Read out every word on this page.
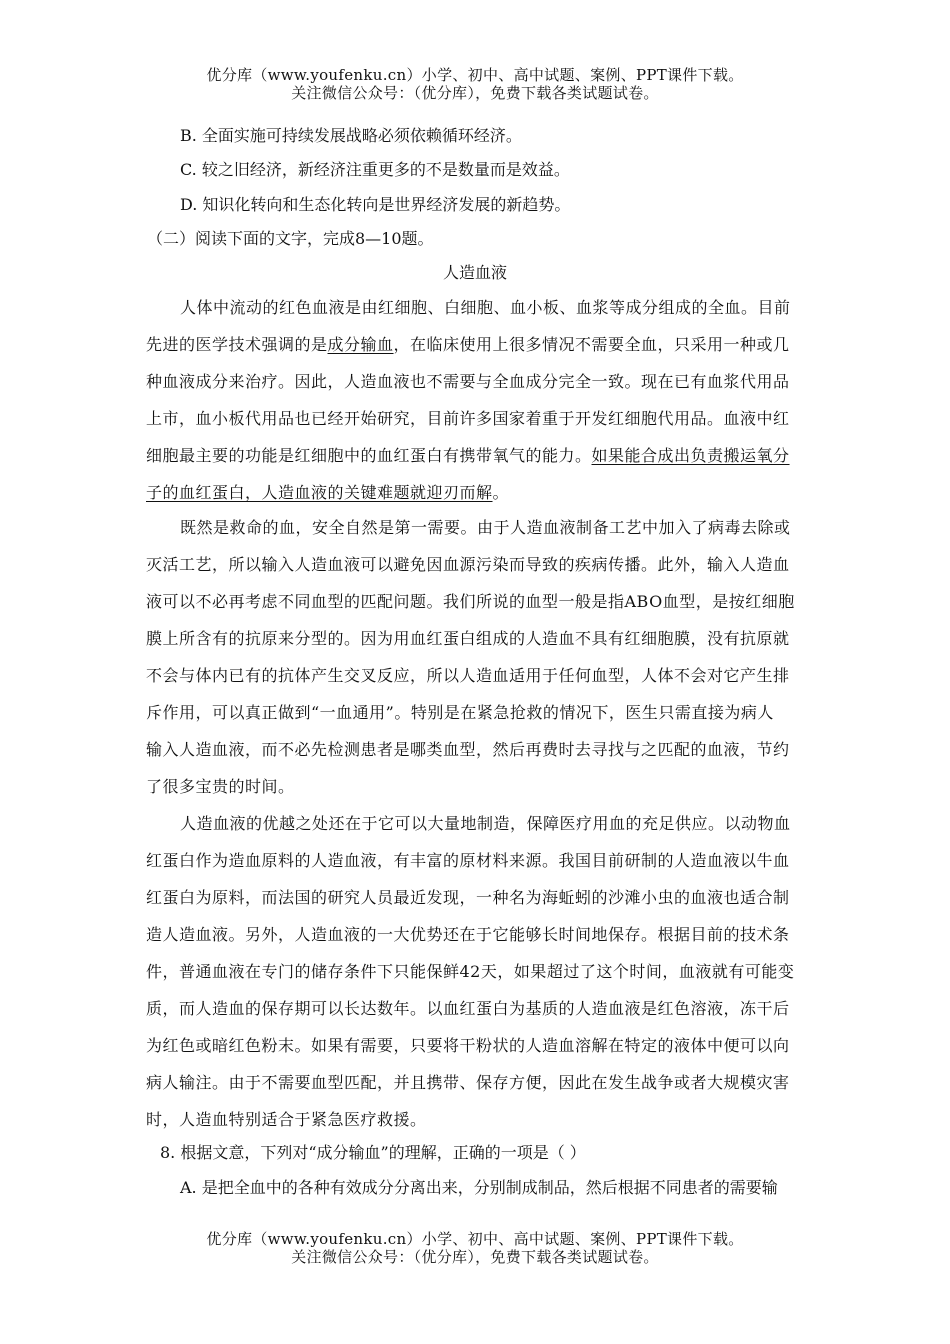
优分库（www.youfenku.cn）小学、初中、高中试题、案例、PPT课件下载。
关注微信公众号：（优分库），免费下载各类试题试卷。
B. 全面实施可持续发展战略必须依赖循环经济。
C. 较之旧经济，新经济注重更多的不是数量而是效益。
D. 知识化转向和生态化转向是世界经济发展的新趋势。
（二）阅读下面的文字，完成8—10题。
人造血液
人体中流动的红色血液是由红细胞、白细胞、血小板、血浆等成分组成的全血。目前
先进的医学技术强调的是成分输血，在临床使用上很多情况不需要全血，只采用一种或几
种血液成分来治疗。因此，人造血液也不需要与全血成分完全一致。现在已有血浆代用品
上市，血小板代用品也已经开始研究，目前许多国家着重于开发红细胞代用品。血液中红
细胞最主要的功能是红细胞中的血红蛋白有携带氧气的能力。如果能合成出负责搬运氧分
子的血红蛋白，人造血液的关键难题就迎刃而解。
既然是救命的血，安全自然是第一需要。由于人造血液制备工艺中加入了病毒去除或
灭活工艺，所以输入人造血液可以避免因血源污染而导致的疾病传播。此外，输入人造血
液可以不必再考虑不同血型的匹配问题。我们所说的血型一般是指ABO血型，是按红细胞
膜上所含有的抗原来分型的。因为用血红蛋白组成的人造血不具有红细胞膜，没有抗原就
不会与体内已有的抗体产生交叉反应，所以人造血适用于任何血型，人体不会对它产生排
斥作用，可以真正做到“一血通用”。特别是在紧急抢救的情况下，医生只需直接为病人
输入人造血液，而不必先检测患者是哪类血型，然后再费时去寻找与之匹配的血液，节约
了很多宝贵的时间。
人造血液的优越之处还在于它可以大量地制造，保障医疗用血的充足供应。以动物血
红蛋白作为造血原料的人造血液，有丰富的原材料来源。我国目前研制的人造血液以牛血
红蛋白为原料，而法国的研究人员最近发现，一种名为海蚯蚓的沙滩小虫的血液也适合制
造人造血液。另外，人造血液的一大优势还在于它能够长时间地保存。根据目前的技术条
件，普通血液在专门的储存条件下只能保鲜42天，如果超过了这个时间，血液就有可能变
质，而人造血的保存期可以长达数年。以血红蛋白为基质的人造血液是红色溶液，冻干后
为红色或暗红色粉末。如果有需要，只要将干粉状的人造血溶解在特定的液体中便可以向
病人输注。由于不需要血型匹配，并且携带、保存方便，因此在发生战争或者大规模灾害
时，人造血特别适合于紧急医疗救援。
8. 根据文意，下列对“成分输血”的理解，正确的一项是（ ）
A. 是把全血中的各种有效成分分离出来，分别制成制品，然后根据不同患者的需要输
优分库（www.youfenku.cn）小学、初中、高中试题、案例、PPT课件下载。
关注微信公众号：（优分库），免费下载各类试题试卷。
